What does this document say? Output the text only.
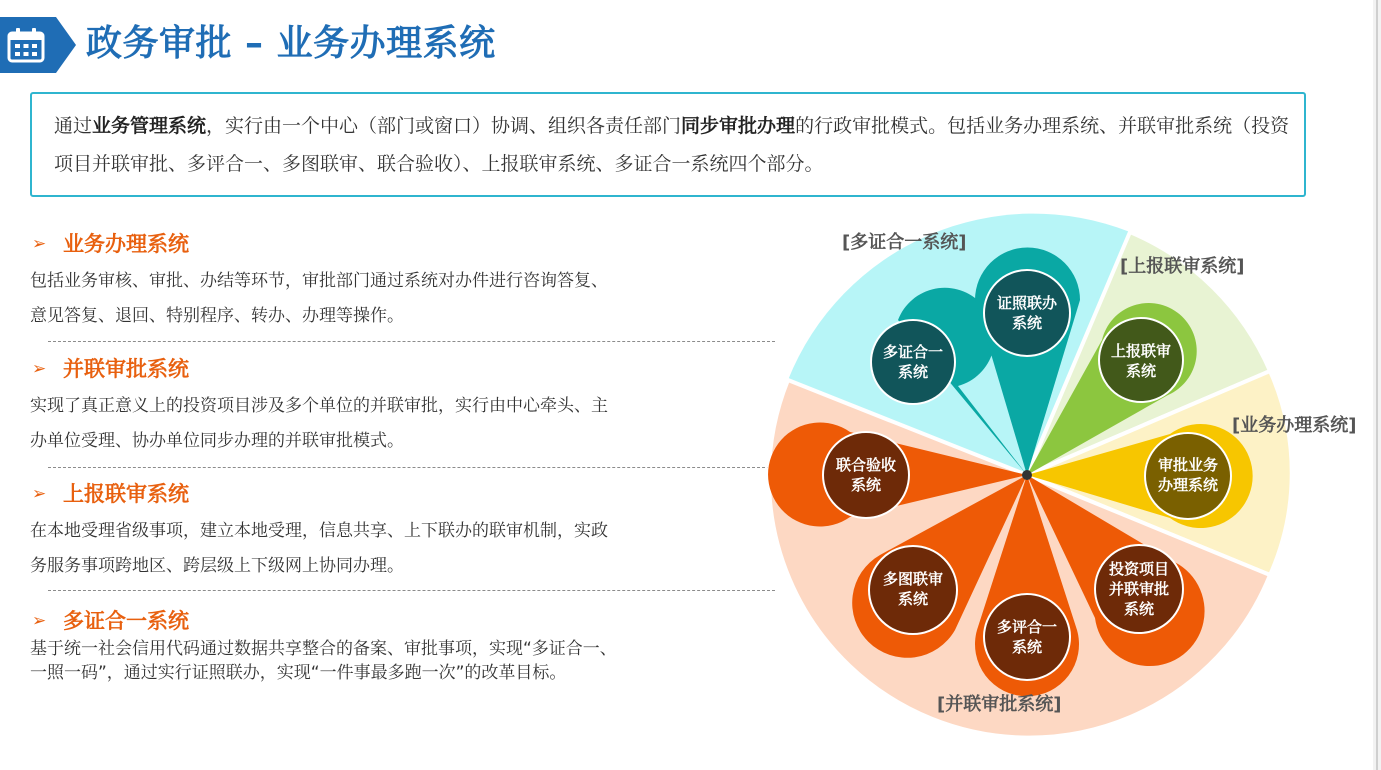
政务审批 – 业务办理系统
通过业务管理系统，实行由一个中心（部门或窗口）协调、组织各责任部门同步审批办理的行政审批模式。包括业务办理系统、并联审批系统（投资项目并联审批、多评合一、多图联审、联合验收）、上报联审系统、多证合一系统四个部分。
➢ 业务办理系统
包括业务审核、审批、办结等环节，审批部门通过系统对办件进行咨询答复、
意见答复、退回、特别程序、转办、办理等操作。
➢ 并联审批系统
实现了真正意义上的投资项目涉及多个单位的并联审批，实行由中心牵头、主
办单位受理、协办单位同步办理的并联审批模式。
➢ 上报联审系统
在本地受理省级事项，建立本地受理，信息共享、上下联办的联审机制，实政
务服务事项跨地区、跨层级上下级网上协同办理。
➢ 多证合一系统
基于统一社会信用代码通过数据共享整合的备案、审批事项，实现“多证合一、
一照一码”，通过实行证照联办，实现“一件事最多跑一次”的改革目标。
[多证合一系统]
[上报联审系统]
[业务办理系统]
[并联审批系统]
多证合一
系统
证照联办
系统
上报联审
系统
审批业务
办理系统
投资项目
并联审批
系统
多评合一
系统
多图联审
系统
联合验收
系统
